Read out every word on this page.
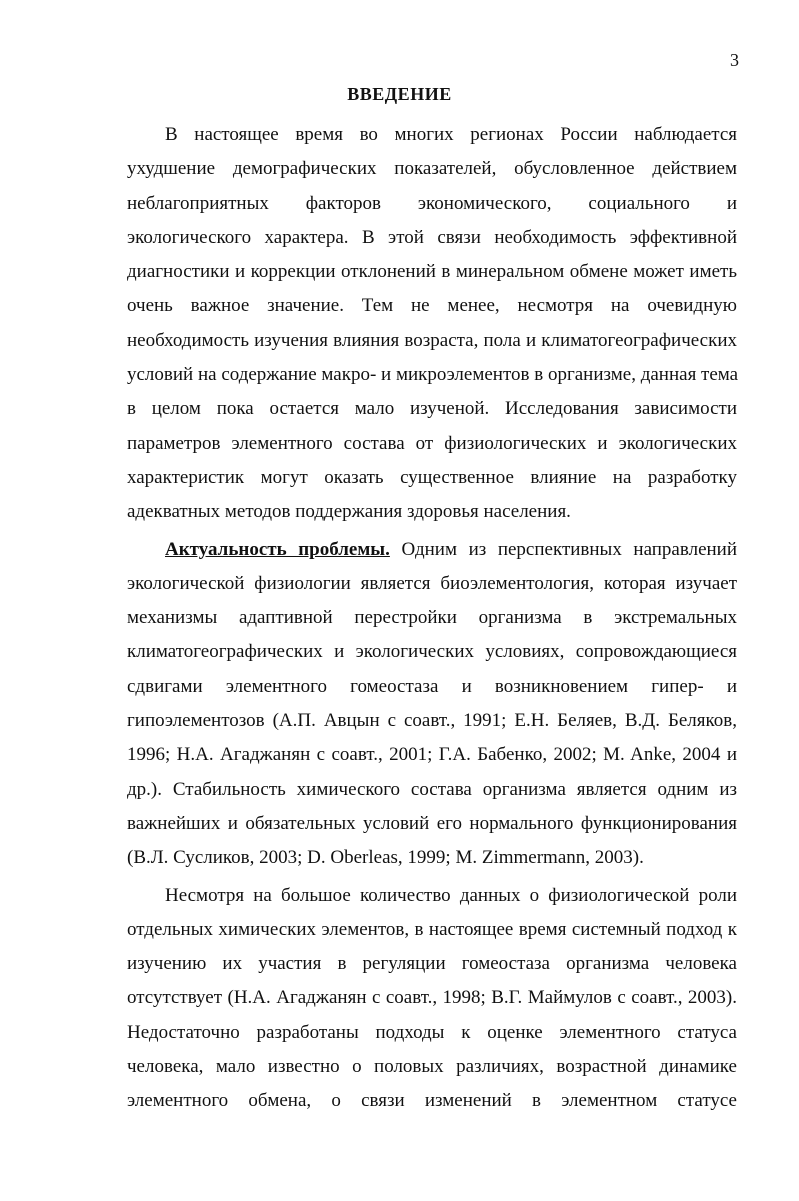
3
ВВЕДЕНИЕ
В настоящее время во многих регионах России наблюдается
ухудшение демографических показателей, обусловленное действием
неблагоприятных факторов экономического, социального и
экологического характера. В этой связи необходимость эффективной
диагностики и коррекции отклонений в минеральном обмене может иметь
очень важное значение. Тем не менее, несмотря на очевидную
необходимость изучения влияния возраста, пола и климатогеографических
условий на содержание макро- и микроэлементов в организме, данная тема
в целом пока остается мало изученой. Исследования зависимости
параметров элементного состава от физиологических и экологических
характеристик могут оказать существенное влияние на разработку
адекватных методов поддержания здоровья населения.
Актуальность проблемы. Одним из перспективных направлений
экологической физиологии является биоэлементология, которая изучает
механизмы адаптивной перестройки организма в экстремальных
климатогеографических и экологических условиях, сопровождающиеся
сдвигами элементного гомеостаза и возникновением гипер- и
гипоэлементозов (А.П. Авцын с соавт., 1991; Е.Н. Беляев, В.Д. Беляков,
1996; Н.А. Агаджанян с соавт., 2001; Г.А. Бабенко, 2002; M. Anke, 2004 и
др.). Стабильность химического состава организма является одним из
важнейших и обязательных условий его нормального функционирования
(В.Л. Сусликов, 2003; D. Oberleas, 1999; M. Zimmermann, 2003).
Несмотря на большое количество данных о физиологической роли
отдельных химических элементов, в настоящее время системный подход к
изучению их участия в регуляции гомеостаза организма человека
отсутствует (Н.А. Агаджанян с соавт., 1998; В.Г. Маймулов с соавт., 2003).
Недостаточно разработаны подходы к оценке элементного статуса
человека, мало известно о половых различиях, возрастной динамике
элементного обмена, о связи изменений в элементном статусе
